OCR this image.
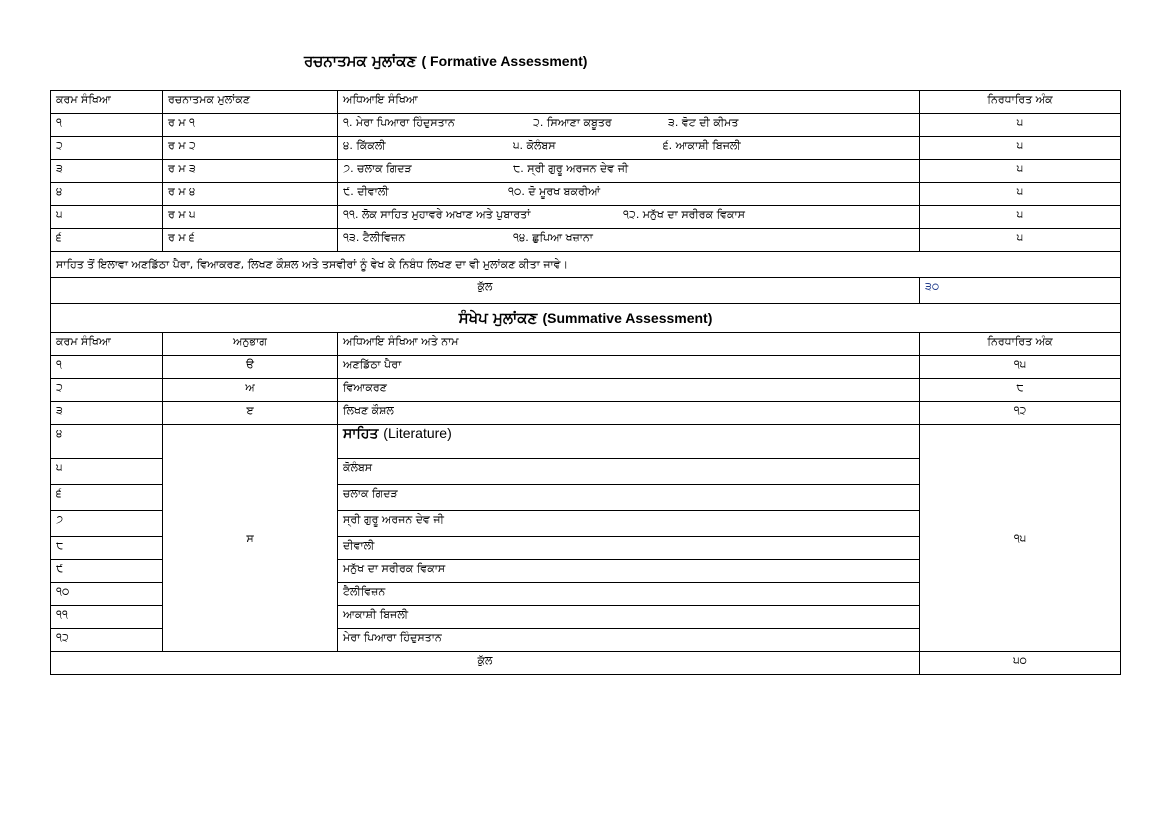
ਰਚਨਾਤਮਕ ਮੁਲਾਂਕਣ ( Formative Assessment)
ਕਰਮ ਸੰਖਿਆ	ਰਚਨਾਤਮਕ ਮੁਲਾਂਕਣ	ਅਧਿਆਇ ਸੰਖਿਆ	ਨਿਰਧਾਰਿਤ ਅੰਕ
੧	ਰ ਮ ੧	੧. ਮੇਰਾ ਪਿਆਰਾ ਹਿੰਦੁਸਤਾਨ ੨. ਸਿਆਣਾ ਕਬੂਤਰ ੩. ਵੋਟ ਦੀ ਕੀਮਤ	੫
੨	ਰ ਮ ੨	੪. ਕਿੱਕਲੀ ੫. ਕੋਲੰਬਸ ੬. ਆਕਾਸ਼ੀ ਬਿਜਲੀ	੫
੩	ਰ ਮ ੩	੭. ਚਲਾਕ ਗਿਦੜ ੮. ਸ੍ਰੀ ਗੁਰੂ ਅਰਜਨ ਦੇਵ ਜੀ	੫
੪	ਰ ਮ ੪	੯. ਦੀਵਾਲੀ ੧੦. ਦੋ ਮੂਰਖ ਬਕਰੀਆਂ	੫
੫	ਰ ਮ ੫	੧੧. ਲੋਕ ਸਾਹਿਤ ਮੁਹਾਵਰੇ ਅਖਾਣ ਅਤੇ ਪੁਬਾਰਤਾਂ ੧੨. ਮਨੁੱਖ ਦਾ ਸਰੀਰਕ ਵਿਕਾਸ	੫
੬	ਰ ਮ ੬	੧੩. ਟੈਲੀਵਿਜ਼ਨ ੧੪. ਛੁਪਿਆ ਖਜ਼ਾਨਾ	੫
ਸਾਹਿਤ ਤੋਂ ਇਲਾਵਾ ਅਣਡਿੱਠਾ ਪੈਰਾ, ਵਿਆਕਰਣ, ਲਿਖਣ ਕੌਸ਼ਲ ਅਤੇ ਤਸਵੀਰਾਂ ਨੂੰ ਵੇਖ ਕੇ ਨਿਬੰਧ ਲਿਖਣ ਦਾ ਵੀ ਮੁਲਾਂਕਣ ਕੀਤਾ ਜਾਵੇ।			
ਕੁੱਲ			੩੦
ਸੰਖੇਪ ਮੁਲਾਂਕਣ (Summative Assessment)			
ਕਰਮ ਸੰਖਿਆ	ਅਨੁਭਾਗ	ਅਧਿਆਇ ਸੰਖਿਆ ਅਤੇ ਨਾਮ	ਨਿਰਧਾਰਿਤ ਅੰਕ
੧	ੳ	ਅਣਡਿੱਠਾ ਪੈਰਾ	੧੫
੨	ਅ	ਵਿਆਕਰਣ	੮
੩	ੲ	ਲਿਖਣ ਕੌਸ਼ਲ	੧੨
੪	ਸ	ਸਾਹਿਤ (Literature)	੧੫
੫		ਕੋਲੰਬਸ	
੬		ਚਲਾਕ ਗਿਦੜ	
੭		ਸ੍ਰੀ ਗੁਰੂ ਅਰਜਨ ਦੇਵ ਜੀ	
੮		ਦੀਵਾਲੀ	
੯		ਮਨੁੱਖ ਦਾ ਸਰੀਰਕ ਵਿਕਾਸ	
੧੦		ਟੈਲੀਵਿਜ਼ਨ	
੧੧		ਆਕਾਸ਼ੀ ਬਿਜਲੀ	
੧੨		ਮੇਰਾ ਪਿਆਰਾ ਹਿੰਦੁਸਤਾਨ	
ਕੁੱਲ			੫੦
